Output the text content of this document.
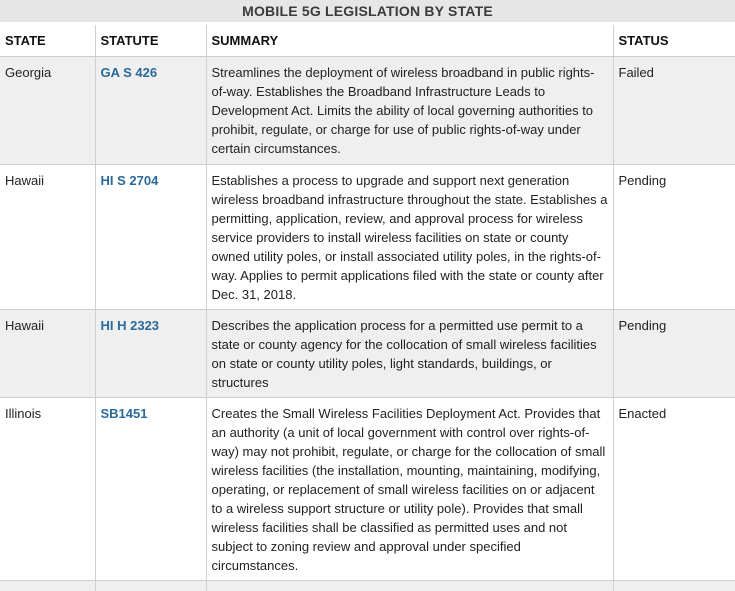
MOBILE 5G LEGISLATION BY STATE
STATE	STATUTE	SUMMARY	STATUS
Georgia	GA S 426	Streamlines the deployment of wireless broadband in public rights-of-way. Establishes the Broadband Infrastructure Leads to Development Act. Limits the ability of local governing authorities to prohibit, regulate, or charge for use of public rights-of-way under certain circumstances.	Failed
Hawaii	HI S 2704	Establishes a process to upgrade and support next generation wireless broadband infrastructure throughout the state. Establishes a permitting, application, review, and approval process for wireless service providers to install wireless facilities on state or county owned utility poles, or install associated utility poles, in the rights-of-way. Applies to permit applications filed with the state or county after Dec. 31, 2018.	Pending
Hawaii	HI H 2323	Describes the application process for a permitted use permit to a state or county agency for the collocation of small wireless facilities on state or county utility poles, light standards, buildings, or structures	Pending
Illinois	SB1451	Creates the Small Wireless Facilities Deployment Act. Provides that an authority (a unit of local government with control over rights-of-way) may not prohibit, regulate, or charge for the collocation of small wireless facilities (the installation, mounting, maintaining, modifying, operating, or replacement of small wireless facilities on or adjacent to a wireless support structure or utility pole). Provides that small wireless facilities shall be classified as permitted uses and not subject to zoning review and approval under specified circumstances.	Enacted
